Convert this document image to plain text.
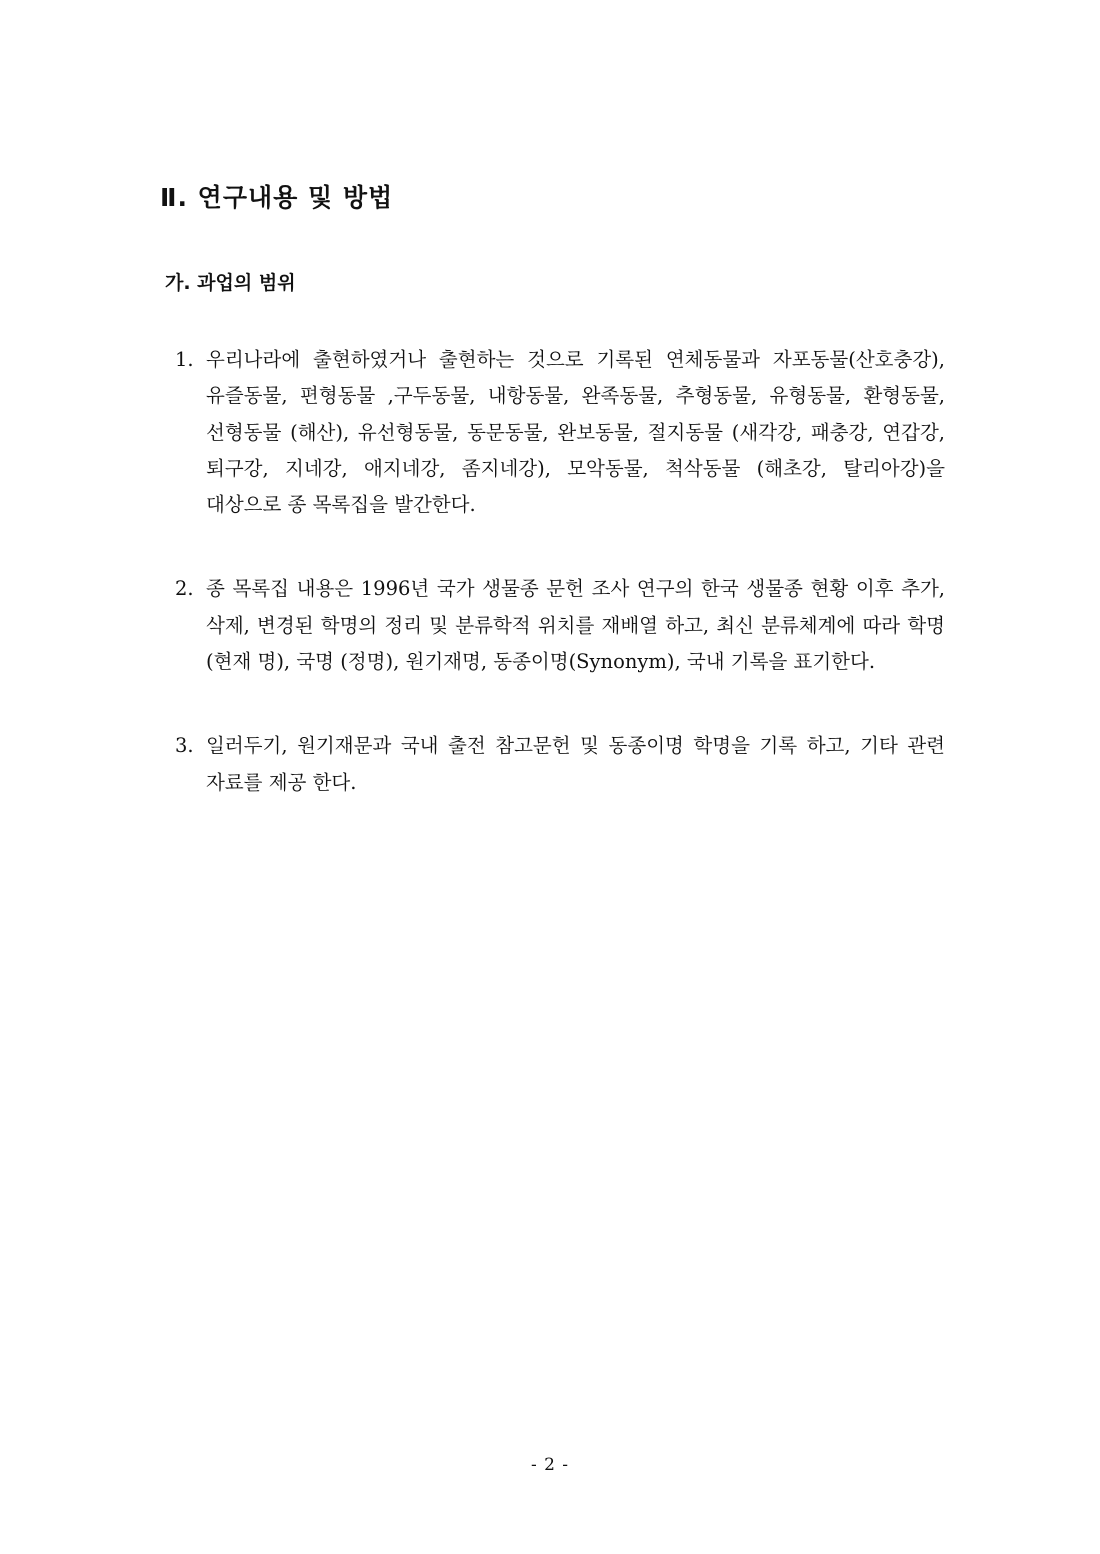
Ⅱ. 연구내용 및 방법
가. 과업의 범위
1. 우리나라에 출현하였거나 출현하는 것으로 기록된 연체동물과 자포동물(산호충강), 유즐동물, 편형동물 ,구두동물, 내항동물, 완족동물, 추형동물, 유형동물, 환형동물, 선형동물 (해산), 유선형동물, 동문동물, 완보동물, 절지동물 (새각강, 패충강, 연갑강, 퇴구강, 지네강, 애지네강, 좀지네강), 모악동물, 척삭동물 (해초강, 탈리아강)을 대상으로 종 목록집을 발간한다.
2. 종 목록집 내용은 1996년 국가 생물종 문헌 조사 연구의 한국 생물종 현황 이후 추가, 삭제, 변경된 학명의 정리 및 분류학적 위치를 재배열 하고, 최신 분류체계에 따라 학명 (현재 명), 국명 (정명), 원기재명, 동종이명(Synonym), 국내 기록을 표기한다.
3. 일러두기, 원기재문과 국내 출전 참고문헌 및 동종이명 학명을 기록 하고, 기타 관련 자료를 제공 한다.
- 2 -
